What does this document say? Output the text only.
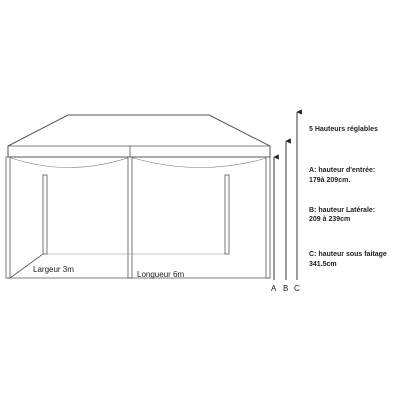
Largeur 3m
Longueur 6m
A B C
5 Hauteurs réglables
A: hauteur d'entrée:
179à 209cm.
B: hauteur Latérale:
209 à 239cm
C: hauteur sous faitage
341.5cm
